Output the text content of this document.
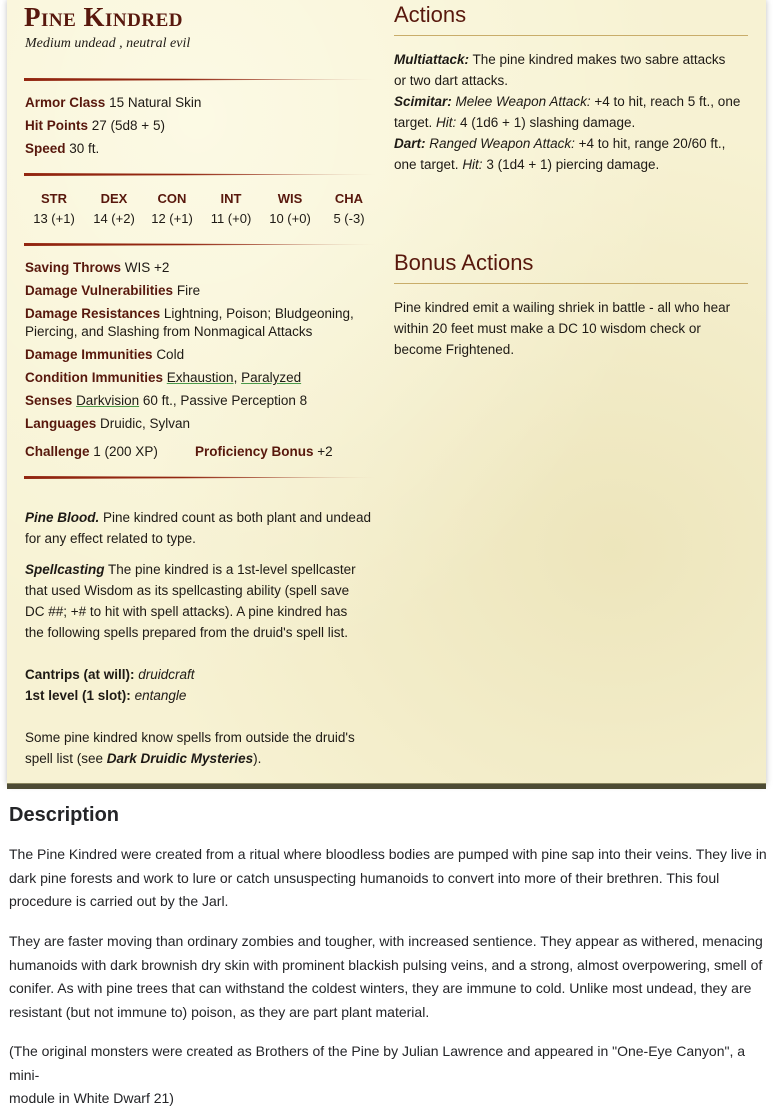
Pine Kindred
Medium undead , neutral evil
Armor Class 15 Natural Skin
Hit Points 27 (5d8 + 5)
Speed 30 ft.
STR
13 (+1)
DEX
14 (+2)
CON
12 (+1)
INT
11 (+0)
WIS
10 (+0)
CHA
5 (-3)
Saving Throws WIS +2
Damage Vulnerabilities Fire
Damage Resistances Lightning, Poison; Bludgeoning,
Piercing, and Slashing from Nonmagical Attacks
Damage Immunities Cold
Condition Immunities Exhaustion, Paralyzed
Senses Darkvision 60 ft., Passive Perception 8
Languages Druidic, Sylvan
Challenge 1 (200 XP)	Proficiency Bonus +2
Pine Blood. Pine kindred count as both plant and undead
for any effect related to type.
Spellcasting The pine kindred is a 1st-level spellcaster
that used Wisdom as its spellcasting ability (spell save
DC ##; +# to hit with spell attacks). A pine kindred has
the following spells prepared from the druid's spell list.
Cantrips (at will): druidcraft
1st level (1 slot): entangle
Some pine kindred know spells from outside the druid's
spell list (see Dark Druidic Mysteries).
Actions
Multiattack: The pine kindred makes two sabre attacks
or two dart attacks.
Scimitar: Melee Weapon Attack: +4 to hit, reach 5 ft., one
target. Hit: 4 (1d6 + 1) slashing damage.
Dart: Ranged Weapon Attack: +4 to hit, range 20/60 ft.,
one target. Hit: 3 (1d4 + 1) piercing damage.
Bonus Actions
Pine kindred emit a wailing shriek in battle - all who hear
within 20 feet must make a DC 10 wisdom check or
become Frightened.
Description
The Pine Kindred were created from a ritual where bloodless bodies are pumped with pine sap into their veins. They live in
dark pine forests and work to lure or catch unsuspecting humanoids to convert into more of their brethren. This foul
procedure is carried out by the Jarl.
They are faster moving than ordinary zombies and tougher, with increased sentience. They appear as withered, menacing
humanoids with dark brownish dry skin with prominent blackish pulsing veins, and a strong, almost overpowering, smell of
conifer. As with pine trees that can withstand the coldest winters, they are immune to cold. Unlike most undead, they are
resistant (but not immune to) poison, as they are part plant material.
(The original monsters were created as Brothers of the Pine by Julian Lawrence and appeared in "One-Eye Canyon", a mini-
module in White Dwarf 21)
